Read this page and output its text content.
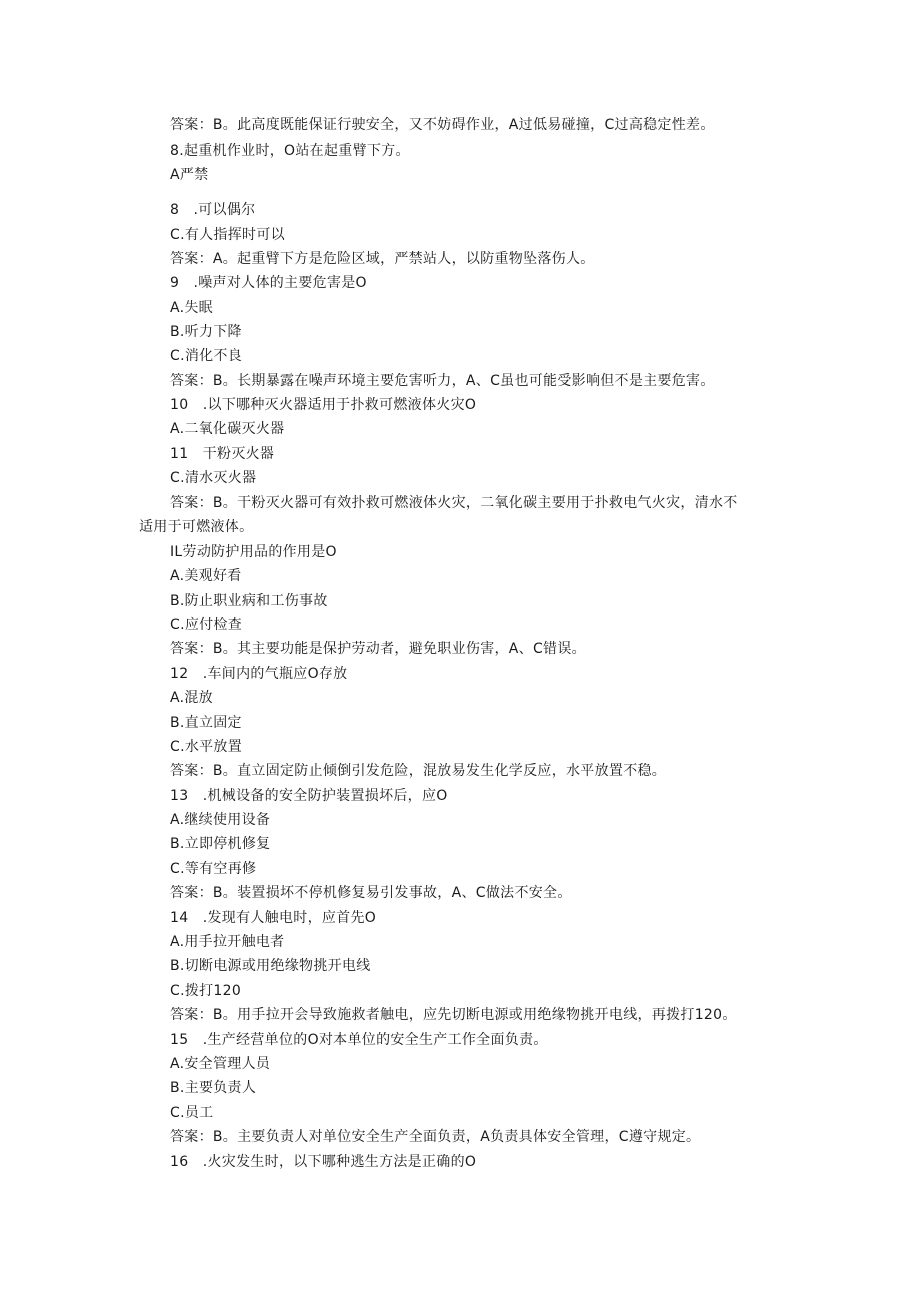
答案：B。此高度既能保证行驶安全，又不妨碍作业，A过低易碰撞，C过高稳定性差。
8.起重机作业时，O站在起重臂下方。
A严禁
8　.可以偶尔
C.有人指挥时可以
答案：A。起重臂下方是危险区域，严禁站人，以防重物坠落伤人。
9　.噪声对人体的主要危害是O
A.失眠
B.听力下降
C.消化不良
答案：B。长期暴露在噪声环境主要危害听力，A、C虽也可能受影响但不是主要危害。
10　.以下哪种灭火器适用于扑救可燃液体火灾O
A.二氧化碳灭火器
11　干粉灭火器
C.清水灭火器
答案：B。干粉灭火器可有效扑救可燃液体火灾，二氧化碳主要用于扑救电气火灾，清水不
适用于可燃液体。
IL劳动防护用品的作用是O
A.美观好看
B.防止职业病和工伤事故
C.应付检查
答案：B。其主要功能是保护劳动者，避免职业伤害，A、C错误。
12　.车间内的气瓶应O存放
A.混放
B.直立固定
C.水平放置
答案：B。直立固定防止倾倒引发危险，混放易发生化学反应，水平放置不稳。
13　.机械设备的安全防护装置损坏后，应O
A.继续使用设备
B.立即停机修复
C.等有空再修
答案：B。装置损坏不停机修复易引发事故，A、C做法不安全。
14　.发现有人触电时，应首先O
A.用手拉开触电者
B.切断电源或用绝缘物挑开电线
C.拨打120
答案：B。用手拉开会导致施救者触电，应先切断电源或用绝缘物挑开电线，再拨打120。
15　.生产经营单位的O对本单位的安全生产工作全面负责。
A.安全管理人员
B.主要负责人
C.员工
答案：B。主要负责人对单位安全生产全面负责，A负责具体安全管理，C遵守规定。
16　.火灾发生时，以下哪种逃生方法是正确的O
